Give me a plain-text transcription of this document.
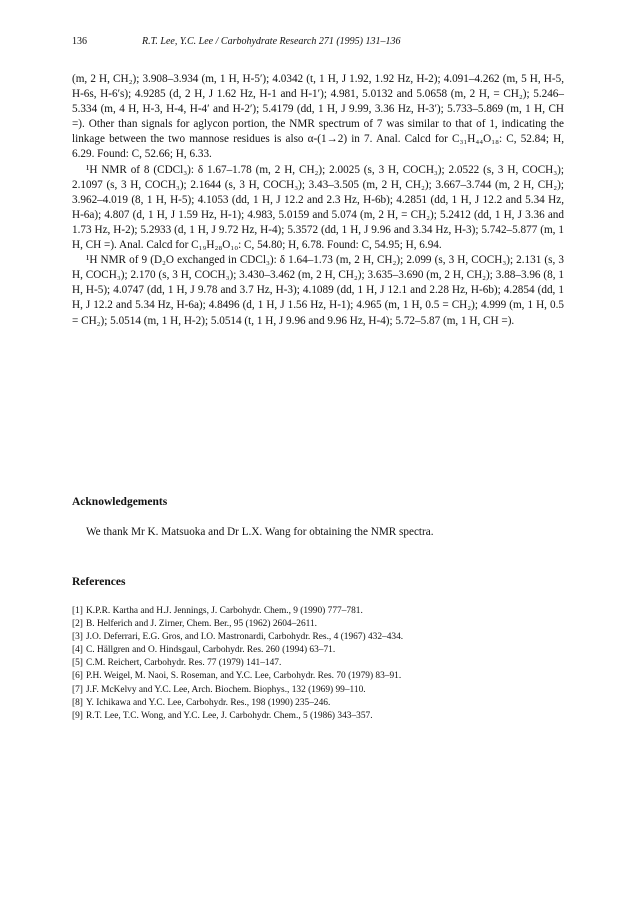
136	R.T. Lee, Y.C. Lee / Carbohydrate Research 271 (1995) 131–136

(m, 2 H, CH₂); 3.908–3.934 (m, 1 H, H-5′); 4.0342 (t, 1 H, J 1.92, 1.92 Hz, H-2); 4.091–4.262 (m, 5 H, H-5, H-6s, H-6′s); 4.9285 (d, 2 H, J 1.62 Hz, H-1 and H-1′); 4.981, 5.0132 and 5.0658 (m, 2 H, = CH₂); 5.246–5.334 (m, 4 H, H-3, H-4, H-4′ and H-2′); 5.4179 (dd, 1 H, J 9.99, 3.36 Hz, H-3′); 5.733–5.869 (m, 1 H, CH =). Other than signals for aglycon portion, the NMR spectrum of 7 was similar to that of 1, indicating the linkage between the two mannose residues is also α-(1→2) in 7. Anal. Calcd for C₃₁H₄₄O₁₈: C, 52.84; H, 6.29. Found: C, 52.66; H, 6.33.

¹H NMR of 8 (CDCl₃): δ 1.67–1.78 (m, 2 H, CH₂); 2.0025 (s, 3 H, COCH₃); 2.0522 (s, 3 H, COCH₃); 2.1097 (s, 3 H, COCH₃); 2.1644 (s, 3 H, COCH₃); 3.43–3.505 (m, 2 H, CH₂); 3.667–3.744 (m, 2 H, CH₂); 3.962–4.019 (8, 1 H, H-5); 4.1053 (dd, 1 H, J 12.2 and 2.3 Hz, H-6b); 4.2851 (dd, 1 H, J 12.2 and 5.34 Hz, H-6a); 4.807 (d, 1 H, J 1.59 Hz, H-1); 4.983, 5.0159 and 5.074 (m, 2 H, = CH₂); 5.2412 (dd, 1 H, J 3.36 and 1.73 Hz, H-2); 5.2933 (d, 1 H, J 9.72 Hz, H-4); 5.3572 (dd, 1 H, J 9.96 and 3.34 Hz, H-3); 5.742–5.877 (m, 1 H, CH =). Anal. Calcd for C₁₉H₂₈O₁₀: C, 54.80; H, 6.78. Found: C, 54.95; H, 6.94.

¹H NMR of 9 (D₂O exchanged in CDCl₃): δ 1.64–1.73 (m, 2 H, CH₂); 2.099 (s, 3 H, COCH₃); 2.131 (s, 3 H, COCH₃); 2.170 (s, 3 H, COCH₃); 3.430–3.462 (m, 2 H, CH₂); 3.635–3.690 (m, 2 H, CH₂); 3.88–3.96 (8, 1 H, H-5); 4.0747 (dd, 1 H, J 9.78 and 3.7 Hz, H-3); 4.1089 (dd, 1 H, J 12.1 and 2.28 Hz, H-6b); 4.2854 (dd, 1 H, J 12.2 and 5.34 Hz, H-6a); 4.8496 (d, 1 H, J 1.56 Hz, H-1); 4.965 (m, 1 H, 0.5 = CH₂); 4.999 (m, 1 H, 0.5 = CH₂); 5.0514 (m, 1 H, H-2); 5.0514 (t, 1 H, J 9.96 and 9.96 Hz, H-4); 5.72–5.87 (m, 1 H, CH =).

Acknowledgements
We thank Mr K. Matsuoka and Dr L.X. Wang for obtaining the NMR spectra.
References
[1] K.P.R. Kartha and H.J. Jennings, J. Carbohydr. Chem., 9 (1990) 777–781.
[2] B. Helferich and J. Zirner, Chem. Ber., 95 (1962) 2604–2611.
[3] J.O. Deferrari, E.G. Gros, and I.O. Mastronardi, Carbohydr. Res., 4 (1967) 432–434.
[4] C. Hällgren and O. Hindsgaul, Carbohydr. Res. 260 (1994) 63–71.
[5] C.M. Reichert, Carbohydr. Res. 77 (1979) 141–147.
[6] P.H. Weigel, M. Naoi, S. Roseman, and Y.C. Lee, Carbohydr. Res. 70 (1979) 83–91.
[7] J.F. McKelvy and Y.C. Lee, Arch. Biochem. Biophys., 132 (1969) 99–110.
[8] Y. Ichikawa and Y.C. Lee, Carbohydr. Res., 198 (1990) 235–246.
[9] R.T. Lee, T.C. Wong, and Y.C. Lee, J. Carbohydr. Chem., 5 (1986) 343–357.
